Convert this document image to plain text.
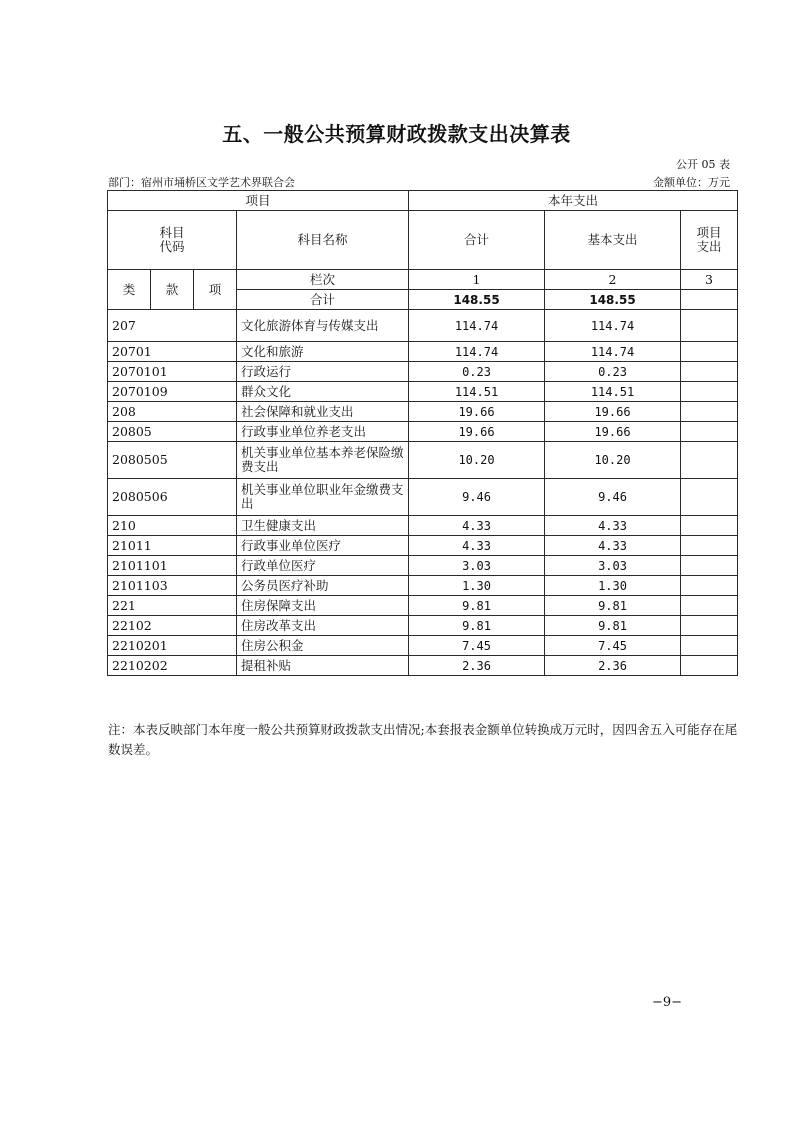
五、一般公共预算财政拨款支出决算表
公开 05 表
部门：宿州市埇桥区文学艺术界联合会	金额单位：万元
项目				本年支出		

科目
代码			科目名称	合计	基本支出	项目
支出

类	款	项	栏次	1	2	3
			合计	148.55	148.55	
207			文化旅游体育与传媒支出	114.74	114.74	
20701			文化和旅游	114.74	114.74	
2070101			行政运行	0.23	0.23	
2070109			群众文化	114.51	114.51	
208			社会保障和就业支出	19.66	19.66	
20805			行政事业单位养老支出	19.66	19.66	
2080505			机关事业单位基本养老保险缴费支出	10.20	10.20	
2080506			机关事业单位职业年金缴费支出	9.46	9.46	
210			卫生健康支出	4.33	4.33	
21011			行政事业单位医疗	4.33	4.33	
2101101			行政单位医疗	3.03	3.03	
2101103			公务员医疗补助	1.30	1.30	
221			住房保障支出	9.81	9.81	
22102			住房改革支出	9.81	9.81	
2210201			住房公积金	7.45	7.45	
2210202			提租补贴	2.36	2.36	
注：本表反映部门本年度一般公共预算财政拨款支出情况;本套报表金额单位转换成万元时，因四舍五入可能存在尾数误差。
−9−
